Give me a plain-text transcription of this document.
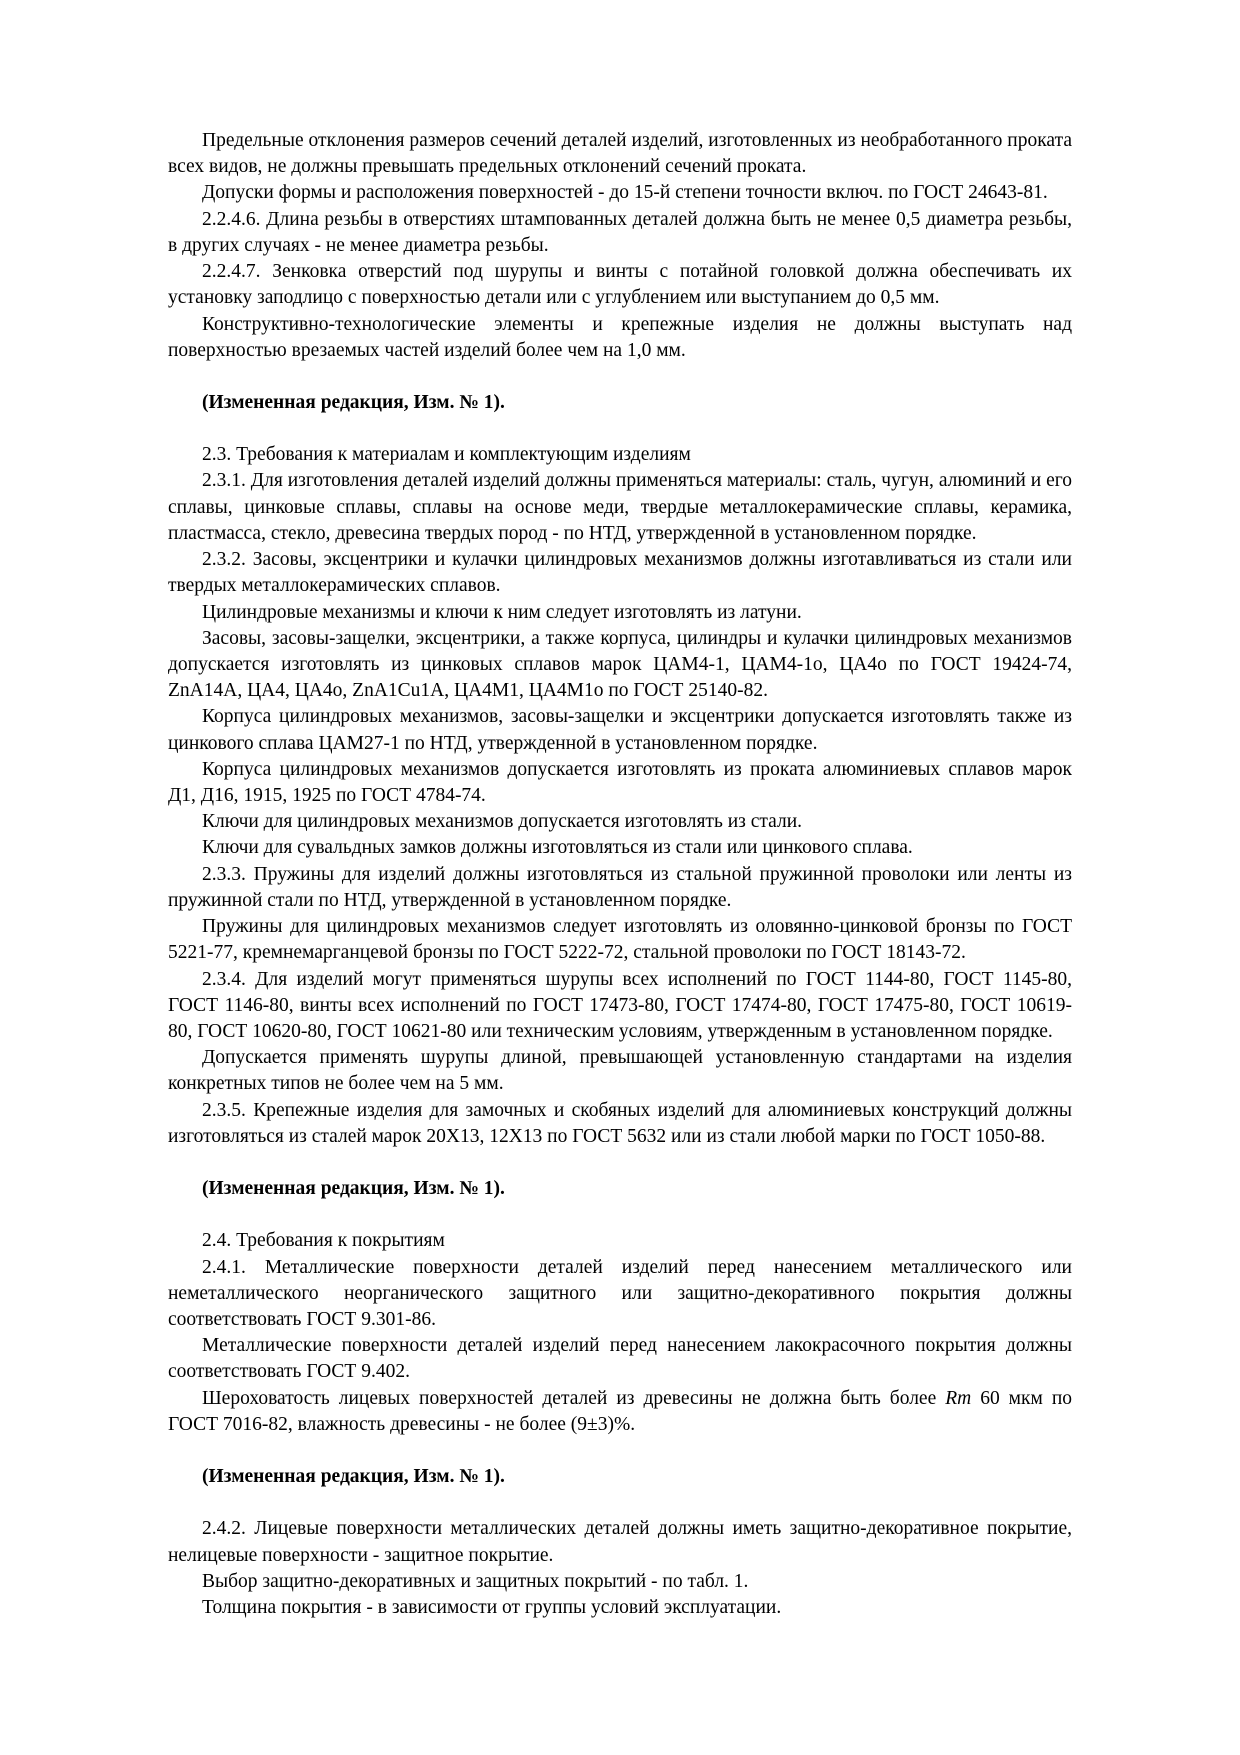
Предельные отклонения размеров сечений деталей изделий, изготовленных из необработанного проката всех видов, не должны превышать предельных отклонений сечений проката.

Допуски формы и расположения поверхностей - до 15-й степени точности включ. по ГОСТ 24643-81.

2.2.4.6. Длина резьбы в отверстиях штампованных деталей должна быть не менее 0,5 диаметра резьбы, в других случаях - не менее диаметра резьбы.

2.2.4.7. Зенковка отверстий под шурупы и винты с потайной головкой должна обеспечивать их установку заподлицо с поверхностью детали или с углублением или выступанием до 0,5 мм.

Конструктивно-технологические элементы и крепежные изделия не должны выступать над поверхностью врезаемых частей изделий более чем на 1,0 мм.

(Измененная редакция, Изм. № 1).

2.3. Требования к материалам и комплектующим изделиям

2.3.1. Для изготовления деталей изделий должны применяться материалы: сталь, чугун, алюминий и его сплавы, цинковые сплавы, сплавы на основе меди, твердые металлокерамические сплавы, керамика, пластмасса, стекло, древесина твердых пород - по НТД, утвержденной в установленном порядке.

2.3.2. Засовы, эксцентрики и кулачки цилиндровых механизмов должны изготавливаться из стали или твердых металлокерамических сплавов.

Цилиндровые механизмы и ключи к ним следует изготовлять из латуни.

Засовы, засовы-защелки, эксцентрики, а также корпуса, цилиндры и кулачки цилиндровых механизмов допускается изготовлять из цинковых сплавов марок ЦАМ4-1, ЦАМ4-1о, ЦА4о по ГОСТ 19424-74, ZnA14A, ЦА4, ЦА4о, ZnA1Cu1A, ЦА4М1, ЦА4М1о по ГОСТ 25140-82.

Корпуса цилиндровых механизмов, засовы-защелки и эксцентрики допускается изготовлять также из цинкового сплава ЦАМ27-1 по НТД, утвержденной в установленном порядке.

Корпуса цилиндровых механизмов допускается изготовлять из проката алюминиевых сплавов марок Д1, Д16, 1915, 1925 по ГОСТ 4784-74.

Ключи для цилиндровых механизмов допускается изготовлять из стали.

Ключи для сувальдных замков должны изготовляться из стали или цинкового сплава.

2.3.3. Пружины для изделий должны изготовляться из стальной пружинной проволоки или ленты из пружинной стали по НТД, утвержденной в установленном порядке.

Пружины для цилиндровых механизмов следует изготовлять из оловянно-цинковой бронзы по ГОСТ 5221-77, кремнемарганцевой бронзы по ГОСТ 5222-72, стальной проволоки по ГОСТ 18143-72.

2.3.4. Для изделий могут применяться шурупы всех исполнений по ГОСТ 1144-80, ГОСТ 1145-80, ГОСТ 1146-80, винты всех исполнений по ГОСТ 17473-80, ГОСТ 17474-80, ГОСТ 17475-80, ГОСТ 10619-80, ГОСТ 10620-80, ГОСТ 10621-80 или техническим условиям, утвержденным в установленном порядке.

Допускается применять шурупы длиной, превышающей установленную стандартами на изделия конкретных типов не более чем на 5 мм.

2.3.5. Крепежные изделия для замочных и скобяных изделий для алюминиевых конструкций должны изготовляться из сталей марок 20Х13, 12Х13 по ГОСТ 5632 или из стали любой марки по ГОСТ 1050-88.

(Измененная редакция, Изм. № 1).

2.4. Требования к покрытиям

2.4.1. Металлические поверхности деталей изделий перед нанесением металлического или неметаллического неорганического защитного или защитно-декоративного покрытия должны соответствовать ГОСТ 9.301-86.

Металлические поверхности деталей изделий перед нанесением лакокрасочного покрытия должны соответствовать ГОСТ 9.402.

Шероховатость лицевых поверхностей деталей из древесины не должна быть более Rm 60 мкм по ГОСТ 7016-82, влажность древесины - не более (9±3)%.

(Измененная редакция, Изм. № 1).

2.4.2. Лицевые поверхности металлических деталей должны иметь защитно-декоративное покрытие, нелицевые поверхности - защитное покрытие.

Выбор защитно-декоративных и защитных покрытий - по табл. 1.

Толщина покрытия - в зависимости от группы условий эксплуатации.
